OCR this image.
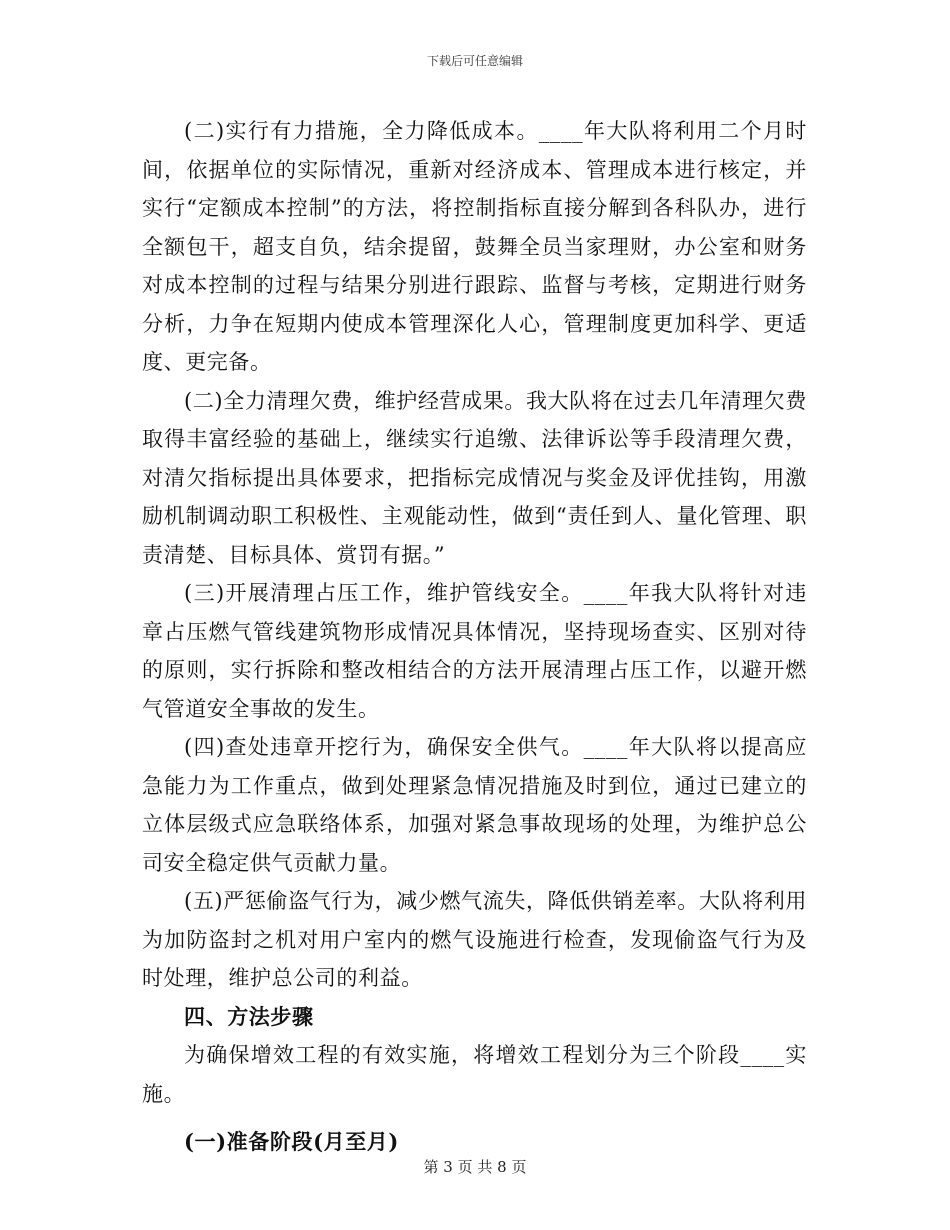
下载后可任意编辑

(二)实行有力措施，全力降低成本。____年大队将利用二个月时间，依据单位的实际情况，重新对经济成本、管理成本进行核定，并实行“定额成本控制”的方法，将控制指标直接分解到各科队办，进行全额包干，超支自负，结余提留，鼓舞全员当家理财，办公室和财务对成本控制的过程与结果分别进行跟踪、监督与考核，定期进行财务分析，力争在短期内使成本管理深化人心，管理制度更加科学、更适度、更完备。

(二)全力清理欠费，维护经营成果。我大队将在过去几年清理欠费取得丰富经验的基础上，继续实行追缴、法律诉讼等手段清理欠费，对清欠指标提出具体要求，把指标完成情况与奖金及评优挂钩，用激励机制调动职工积极性、主观能动性，做到“责任到人、量化管理、职责清楚、目标具体、赏罚有据。”

(三)开展清理占压工作，维护管线安全。____年我大队将针对违章占压燃气管线建筑物形成情况具体情况，坚持现场查实、区别对待的原则，实行拆除和整改相结合的方法开展清理占压工作，以避开燃气管道安全事故的发生。

(四)查处违章开挖行为，确保安全供气。____年大队将以提高应急能力为工作重点，做到处理紧急情况措施及时到位，通过已建立的立体层级式应急联络体系，加强对紧急事故现场的处理，为维护总公司安全稳定供气贡献力量。

(五)严惩偷盗气行为，减少燃气流失，降低供销差率。大队将利用为加防盗封之机对用户室内的燃气设施进行检查，发现偷盗气行为及时处理，维护总公司的利益。

四、方法步骤

为确保增效工程的有效实施，将增效工程划分为三个阶段____实施。

(一)准备阶段(月至月)

第 3 页 共 8 页
